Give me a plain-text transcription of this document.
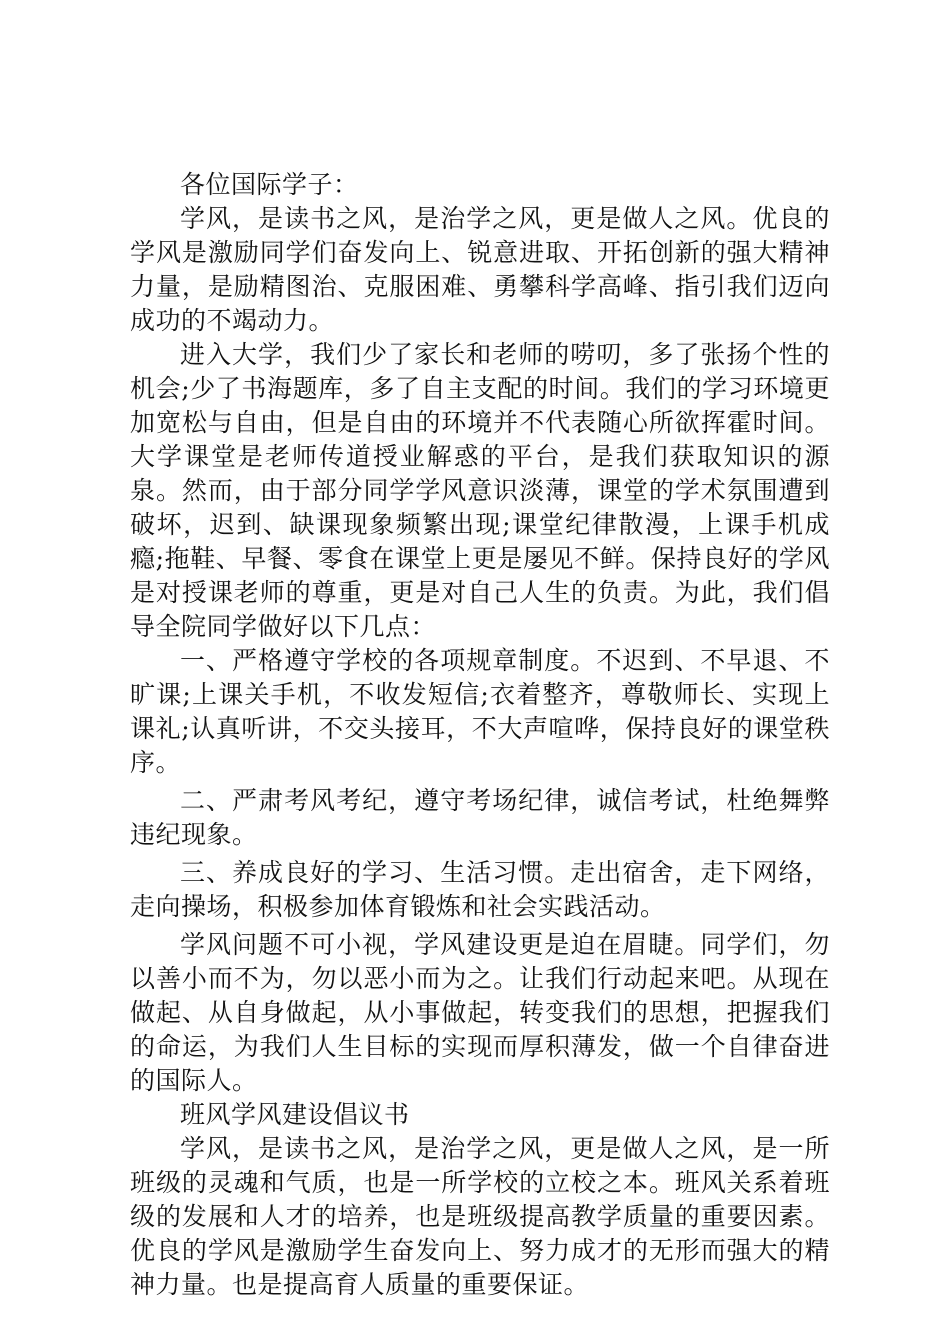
各位国际学子：

学风，是读书之风，是治学之风，更是做人之风。优良的学风是激励同学们奋发向上、锐意进取、开拓创新的强大精神力量，是励精图治、克服困难、勇攀科学高峰、指引我们迈向成功的不竭动力。

进入大学，我们少了家长和老师的唠叨，多了张扬个性的机会;少了书海题库，多了自主支配的时间。我们的学习环境更加宽松与自由，但是自由的环境并不代表随心所欲挥霍时间。大学课堂是老师传道授业解惑的平台，是我们获取知识的源泉。然而，由于部分同学学风意识淡薄，课堂的学术氛围遭到破坏，迟到、缺课现象频繁出现;课堂纪律散漫，上课手机成瘾;拖鞋、早餐、零食在课堂上更是屡见不鲜。保持良好的学风是对授课老师的尊重，更是对自己人生的负责。为此，我们倡导全院同学做好以下几点：

一、严格遵守学校的各项规章制度。不迟到、不早退、不旷课;上课关手机，不收发短信;衣着整齐，尊敬师长、实现上课礼;认真听讲，不交头接耳，不大声喧哗，保持良好的课堂秩序。

二、严肃考风考纪，遵守考场纪律，诚信考试，杜绝舞弊违纪现象。

三、养成良好的学习、生活习惯。走出宿舍，走下网络，走向操场，积极参加体育锻炼和社会实践活动。

学风问题不可小视，学风建设更是迫在眉睫。同学们，勿以善小而不为，勿以恶小而为之。让我们行动起来吧。从现在做起、从自身做起，从小事做起，转变我们的思想，把握我们的命运，为我们人生目标的实现而厚积薄发，做一个自律奋进的国际人。

班风学风建设倡议书

学风，是读书之风，是治学之风，更是做人之风，是一所班级的灵魂和气质，也是一所学校的立校之本。班风关系着班级的发展和人才的培养，也是班级提高教学质量的重要因素。优良的学风是激励学生奋发向上、努力成才的无形而强大的精神力量。也是提高育人质量的重要保证。
